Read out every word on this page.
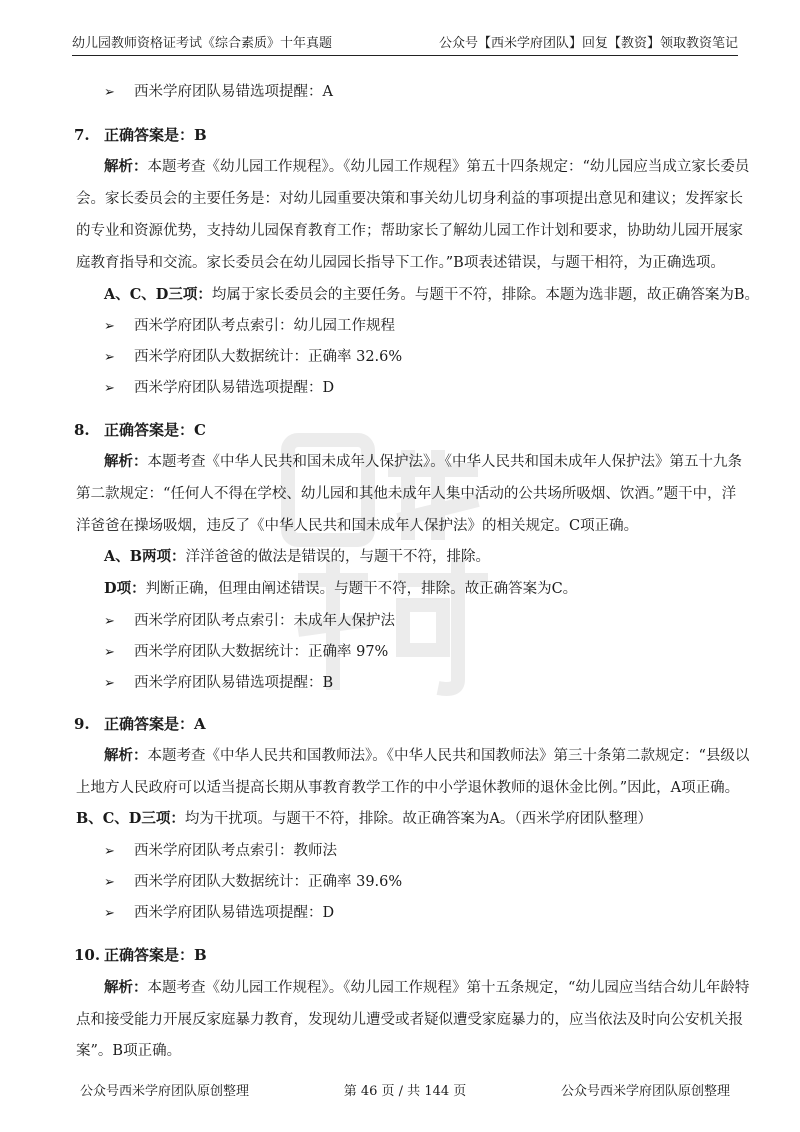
幼儿园教师资格证考试《综合素质》十年真题	公众号【西米学府团队】回复【教资】领取教资笔记
➢ 西米学府团队易错选项提醒：A
7. 正确答案是：B
解析：本题考查《幼儿园工作规程》。《幼儿园工作规程》第五十四条规定：“幼儿园应当成立家长委员
会。家长委员会的主要任务是：对幼儿园重要决策和事关幼儿切身利益的事项提出意见和建议；发挥家长
的专业和资源优势，支持幼儿园保育教育工作；帮助家长了解幼儿园工作计划和要求，协助幼儿园开展家
庭教育指导和交流。家长委员会在幼儿园园长指导下工作。”B项表述错误，与题干相符，为正确选项。
A、C、D三项：均属于家长委员会的主要任务。与题干不符，排除。本题为选非题，故正确答案为B。
➢ 西米学府团队考点索引：幼儿园工作规程
➢ 西米学府团队大数据统计：正确率 32.6%
➢ 西米学府团队易错选项提醒：D
8. 正确答案是：C
解析：本题考查《中华人民共和国未成年人保护法》。《中华人民共和国未成年人保护法》第五十九条
第二款规定：“任何人不得在学校、幼儿园和其他未成年人集中活动的公共场所吸烟、饮酒。”题干中，洋
洋爸爸在操场吸烟，违反了《中华人民共和国未成年人保护法》的相关规定。C项正确。
A、B两项：洋洋爸爸的做法是错误的，与题干不符，排除。
D项：判断正确，但理由阐述错误。与题干不符，排除。故正确答案为C。
➢ 西米学府团队考点索引：未成年人保护法
➢ 西米学府团队大数据统计：正确率 97%
➢ 西米学府团队易错选项提醒：B
9. 正确答案是：A
解析：本题考查《中华人民共和国教师法》。《中华人民共和国教师法》第三十条第二款规定：“县级以
上地方人民政府可以适当提高长期从事教育教学工作的中小学退休教师的退休金比例。”因此，A项正确。
B、C、D三项：均为干扰项。与题干不符，排除。故正确答案为A。（西米学府团队整理）
➢ 西米学府团队考点索引：教师法
➢ 西米学府团队大数据统计：正确率 39.6%
➢ 西米学府团队易错选项提醒：D
10. 正确答案是：B
解析：本题考查《幼儿园工作规程》。《幼儿园工作规程》第十五条规定，“幼儿园应当结合幼儿年龄特
点和接受能力开展反家庭暴力教育，发现幼儿遭受或者疑似遭受家庭暴力的，应当依法及时向公安机关报
案”。B项正确。
公众号西米学府团队原创整理	第 46 页 / 共 144 页	公众号西米学府团队原创整理
